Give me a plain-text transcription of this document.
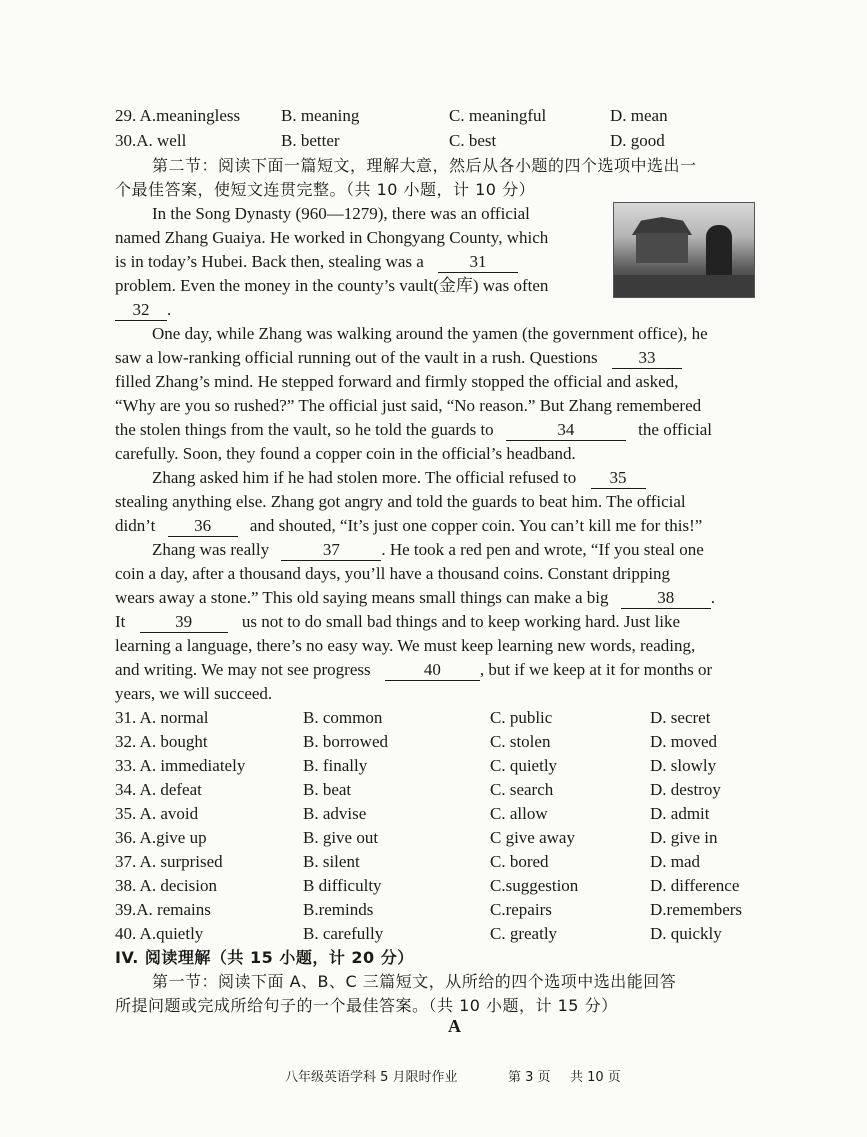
29. A.meaningless B. meaning	C. meaningful	D. mean
30.A. well	B. better	C. best	D. good
第二节：阅读下面一篇短文，理解大意，然后从各小题的四个选项中选出一
个最佳答案，使短文连贯完整。（共 10 小题，计 10 分）
In the Song Dynasty (960—1279), there was an official
named Zhang Guaiya. He worked in Chongyang County, which
is in today’s Hubei. Back then, stealing was a	31
problem. Even the money in the county’s vault(金库) was often
32 .
One day, while Zhang was walking around the yamen (the government office), he
saw a low-ranking official running out of the vault in a rush. Questions 33
filled Zhang’s mind. He stepped forward and firmly stopped the official and asked,
“Why are you so rushed?” The official just said, “No reason.” But Zhang remembered
the stolen things from the vault, so he told the guards to	34	the official
carefully. Soon, they found a copper coin in the official’s headband.
Zhang asked him if he had stolen more. The official refused to 35
stealing anything else. Zhang got angry and told the guards to beat him. The official
didn’t 36 and shouted, “It’s just one copper coin. You can’t kill me for this!”
Zhang was really	37 . He took a red pen and wrote, “If you steal one
coin a day, after a thousand days, you’ll have a thousand coins. Constant dripping
wears away a stone.” This old saying means small things can make a big	38 .
It	39	us not to do small bad things and to keep working hard. Just like
learning a language, there’s no easy way. We must keep learning new words, reading,
and writing. We may not see progress	40 , but if we keep at it for months or
years, we will succeed.
31. A. normal	B. common	C. public	D. secret
32. A. bought	B. borrowed	C. stolen	D. moved
33. A. immediately	B. finally	C. quietly	D. slowly
34. A. defeat	B. beat	C. search	D. destroy
35. A. avoid	B. advise	C. allow	D. admit
36. A.give up	B. give out	C give away	D. give in
37. A. surprised	B. silent	C. bored	D. mad
38. A. decision	B difficulty	C.suggestion	D. difference
39.A. remains	B.reminds	C.repairs	D.remembers
40. A.quietly	B. carefully	C. greatly	D. quickly
IV. 阅读理解（共 15 小题，计 20 分）
第一节：阅读下面 A、B、C 三篇短文，从所给的四个选项中选出能回答
所提问题或完成所给句子的一个最佳答案。（共 10 小题，计 15 分）
A
八年级英语学科 5 月限时作业	第 3 页 共 10 页
